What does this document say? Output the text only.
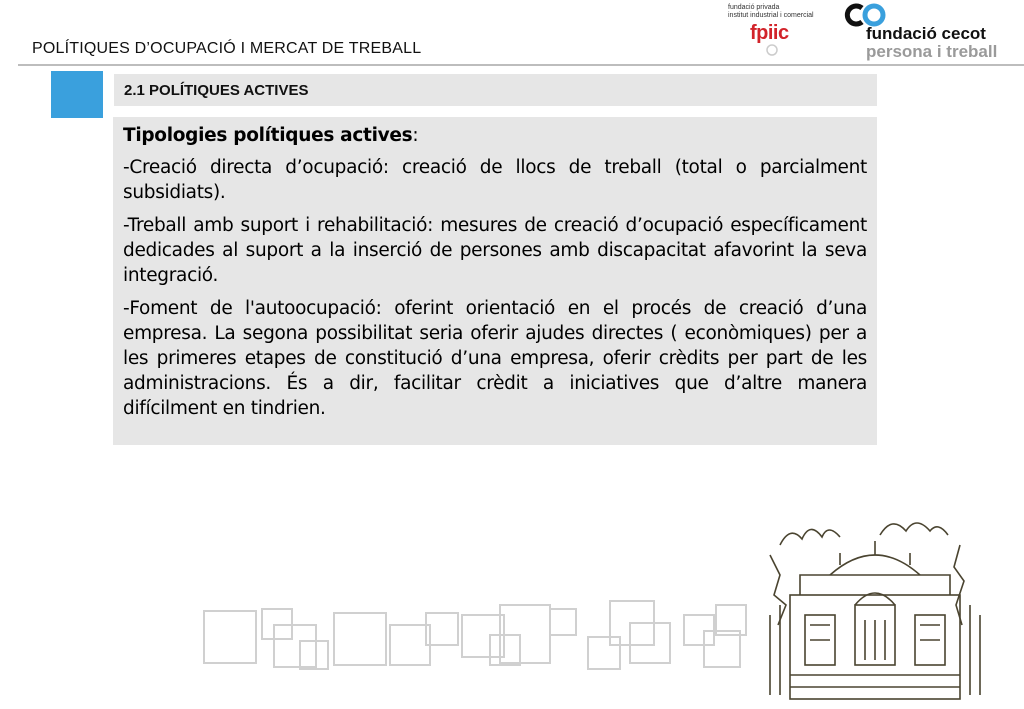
POLÍTIQUES D’OCUPACIÓ I MERCAT DE TREBALL
fundació privada
institut industrial i comercial
fpiic	fundació cecot
persona i treball
2.1 POLÍTIQUES ACTIVES

Tipologies polítiques actives:

-Creació directa d’ocupació: creació de llocs de treball (total o parcialment subsidiats).

-Treball amb suport i rehabilitació: mesures de creació d’ocupació específicament dedicades al suport a la inserció de persones amb discapacitat afavorint la seva integració.

-Foment de l'autoocupació: oferint orientació en el procés de creació d’una empresa. La segona possibilitat seria oferir ajudes directes ( econòmiques) per a les primeres etapes de constitució d’una empresa, oferir crèdits per part de les administracions. És a dir, facilitar crèdit a iniciatives que d’altre manera difícilment en tindrien.
